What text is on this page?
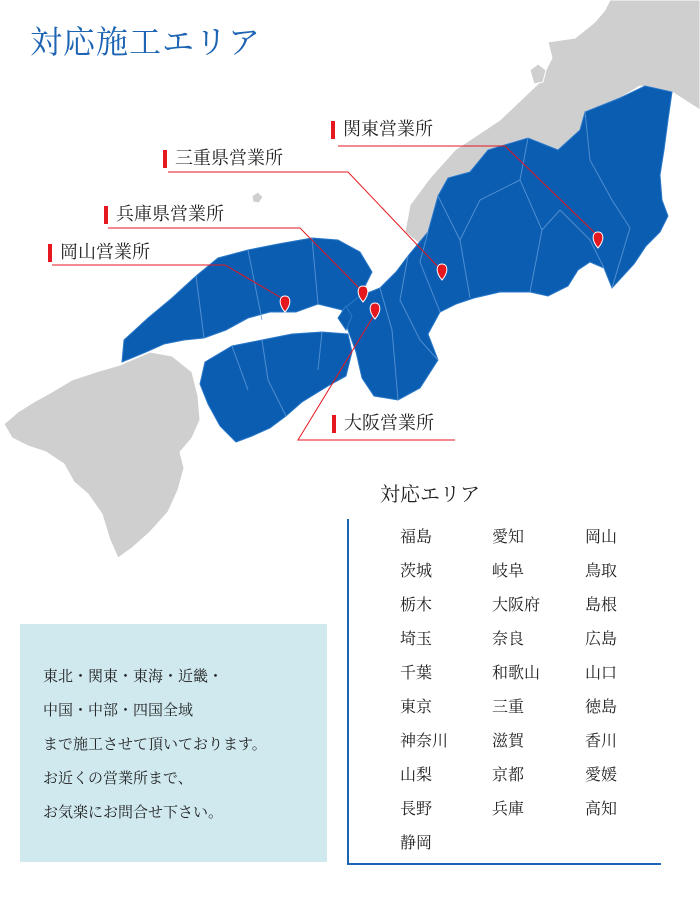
対応施工エリア
関東営業所
三重県営業所
兵庫県営業所
岡山営業所
大阪営業所
対応エリア
福島
茨城
栃木
埼玉
千葉
東京
神奈川
山梨
長野
静岡
愛知
岐阜
大阪府
奈良
和歌山
三重
滋賀
京都
兵庫
岡山
鳥取
島根
広島
山口
徳島
香川
愛媛
高知
東北・関東・東海・近畿・
中国・中部・四国全域
まで施工させて頂いております。
お近くの営業所まで、
お気楽にお問合せ下さい。
